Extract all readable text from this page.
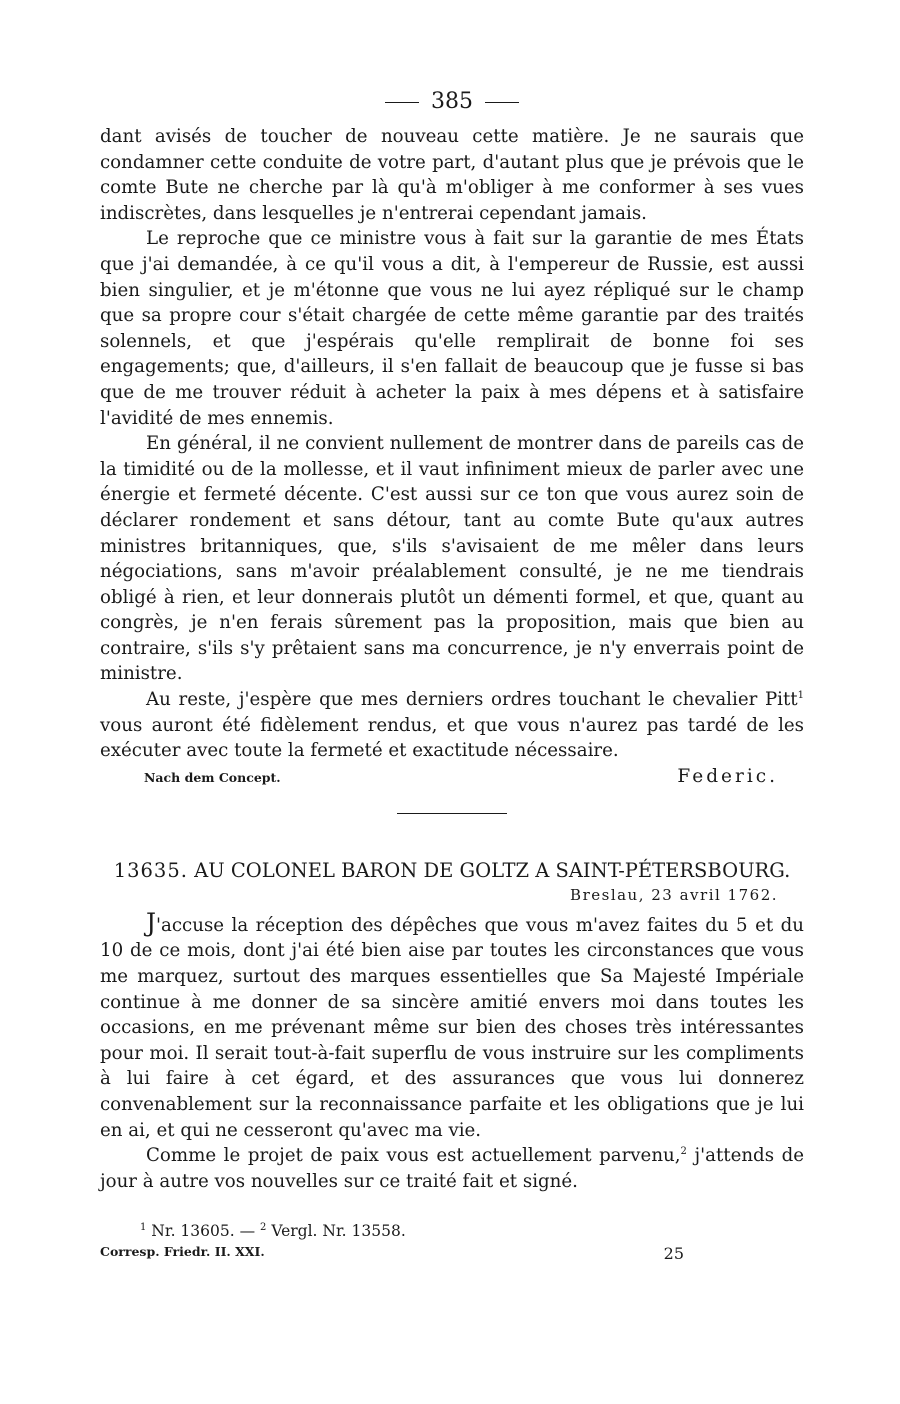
385

dant avisés de toucher de nouveau cette matière. Je ne saurais que condamner cette conduite de votre part, d'autant plus que je prévois que le comte Bute ne cherche par là qu'à m'obliger à me conformer à ses vues indiscrètes, dans lesquelles je n'entrerai cependant jamais.

Le reproche que ce ministre vous à fait sur la garantie de mes États que j'ai demandée, à ce qu'il vous a dit, à l'empereur de Russie, est aussi bien singulier, et je m'étonne que vous ne lui ayez répliqué sur le champ que sa propre cour s'était chargée de cette même garantie par des traités solennels, et que j'espérais qu'elle remplirait de bonne foi ses engagements; que, d'ailleurs, il s'en fallait de beaucoup que je fusse si bas que de me trouver réduit à acheter la paix à mes dépens et à satisfaire l'avidité de mes ennemis.

En général, il ne convient nullement de montrer dans de pareils cas de la timidité ou de la mollesse, et il vaut infiniment mieux de parler avec une énergie et fermeté décente. C'est aussi sur ce ton que vous aurez soin de déclarer rondement et sans détour, tant au comte Bute qu'aux autres ministres britanniques, que, s'ils s'avisaient de me mêler dans leurs négociations, sans m'avoir préalablement consulté, je ne me tiendrais obligé à rien, et leur donnerais plutôt un démenti formel, et que, quant au congrès, je n'en ferais sûrement pas la proposition, mais que bien au contraire, s'ils s'y prêtaient sans ma concurrence, je n'y enverrais point de ministre.

Au reste, j'espère que mes derniers ordres touchant le chevalier Pitt$^1$ vous auront été fidèlement rendus, et que vous n'aurez pas tardé de les exécuter avec toute la fermeté et exactitude nécessaire.

Nach dem Concept.	Federic.
13635. AU COLONEL BARON DE GOLTZ A SAINT-PÉTERSBOURG.
Breslau, 23 avril 1762.

J'accuse la réception des dépêches que vous m'avez faites du 5 et du 10 de ce mois, dont j'ai été bien aise par toutes les circonstances que vous me marquez, surtout des marques essentielles que Sa Majesté Impériale continue à me donner de sa sincère amitié envers moi dans toutes les occasions, en me prévenant même sur bien des choses très intéressantes pour moi. Il serait tout-à-fait superflu de vous instruire sur les compliments à lui faire à cet égard, et des assurances que vous lui donnerez convenablement sur la reconnaissance parfaite et les obligations que je lui en ai, et qui ne cesseront qu'avec ma vie.

Comme le projet de paix vous est actuellement parvenu,$^2$ j'attends de jour à autre vos nouvelles sur ce traité fait et signé.

$^1$ Nr. 13605. — $^2$ Vergl. Nr. 13558.
Corresp. Friedr. II. XXI.	25
